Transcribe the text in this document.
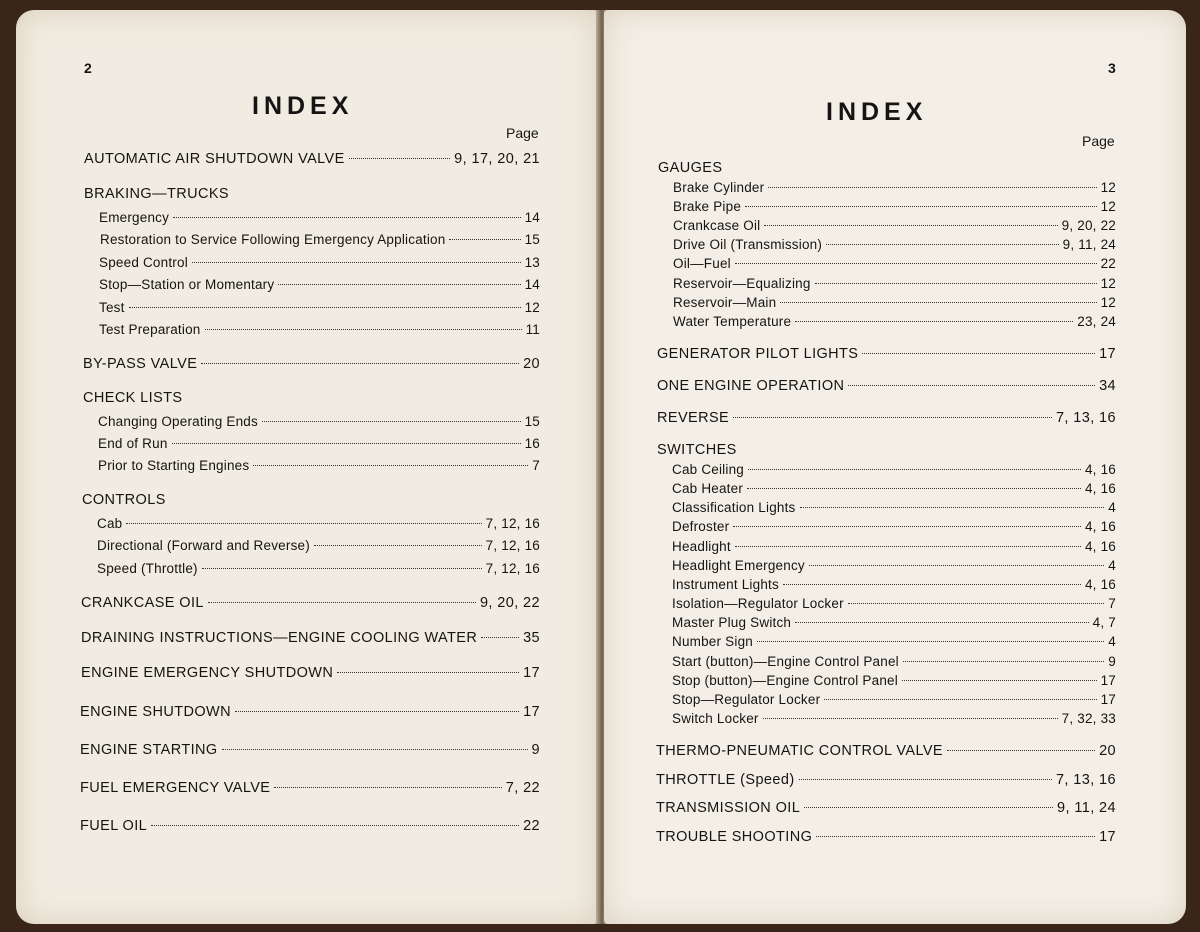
2
INDEX
Page
AUTOMATIC AIR SHUTDOWN VALVE	9, 17, 20, 21
BRAKING—TRUCKS
Emergency	14
Restoration to Service Following Emergency Application	15
Speed Control	13
Stop—Station or Momentary	14
Test	12
Test Preparation	11
BY-PASS VALVE	20
CHECK LISTS
Changing Operating Ends	15
End of Run	16
Prior to Starting Engines	7
CONTROLS
Cab	7, 12, 16
Directional (Forward and Reverse)	7, 12, 16
Speed (Throttle)	7, 12, 16
CRANKCASE OIL	9, 20, 22
DRAINING INSTRUCTIONS—ENGINE COOLING WATER	35
ENGINE EMERGENCY SHUTDOWN	17
ENGINE SHUTDOWN	17
ENGINE STARTING	9
FUEL EMERGENCY VALVE	7, 22
FUEL OIL	22
3
INDEX
Page
GAUGES
Brake Cylinder	12
Brake Pipe	12
Crankcase Oil	9, 20, 22
Drive Oil (Transmission)	9, 11, 24
Oil—Fuel	22
Reservoir—Equalizing	12
Reservoir—Main	12
Water Temperature	23, 24
GENERATOR PILOT LIGHTS	17
ONE ENGINE OPERATION	34
REVERSE	7, 13, 16
SWITCHES
Cab Ceiling	4, 16
Cab Heater	4, 16
Classification Lights	4
Defroster	4, 16
Headlight	4, 16
Headlight Emergency	4
Instrument Lights	4, 16
Isolation—Regulator Locker	7
Master Plug Switch	4, 7
Number Sign	4
Start (button)—Engine Control Panel	9
Stop (button)—Engine Control Panel	17
Stop—Regulator Locker	17
Switch Locker	7, 32, 33
THERMO-PNEUMATIC CONTROL VALVE	20
THROTTLE (Speed)	7, 13, 16
TRANSMISSION OIL	9, 11, 24
TROUBLE SHOOTING	17
